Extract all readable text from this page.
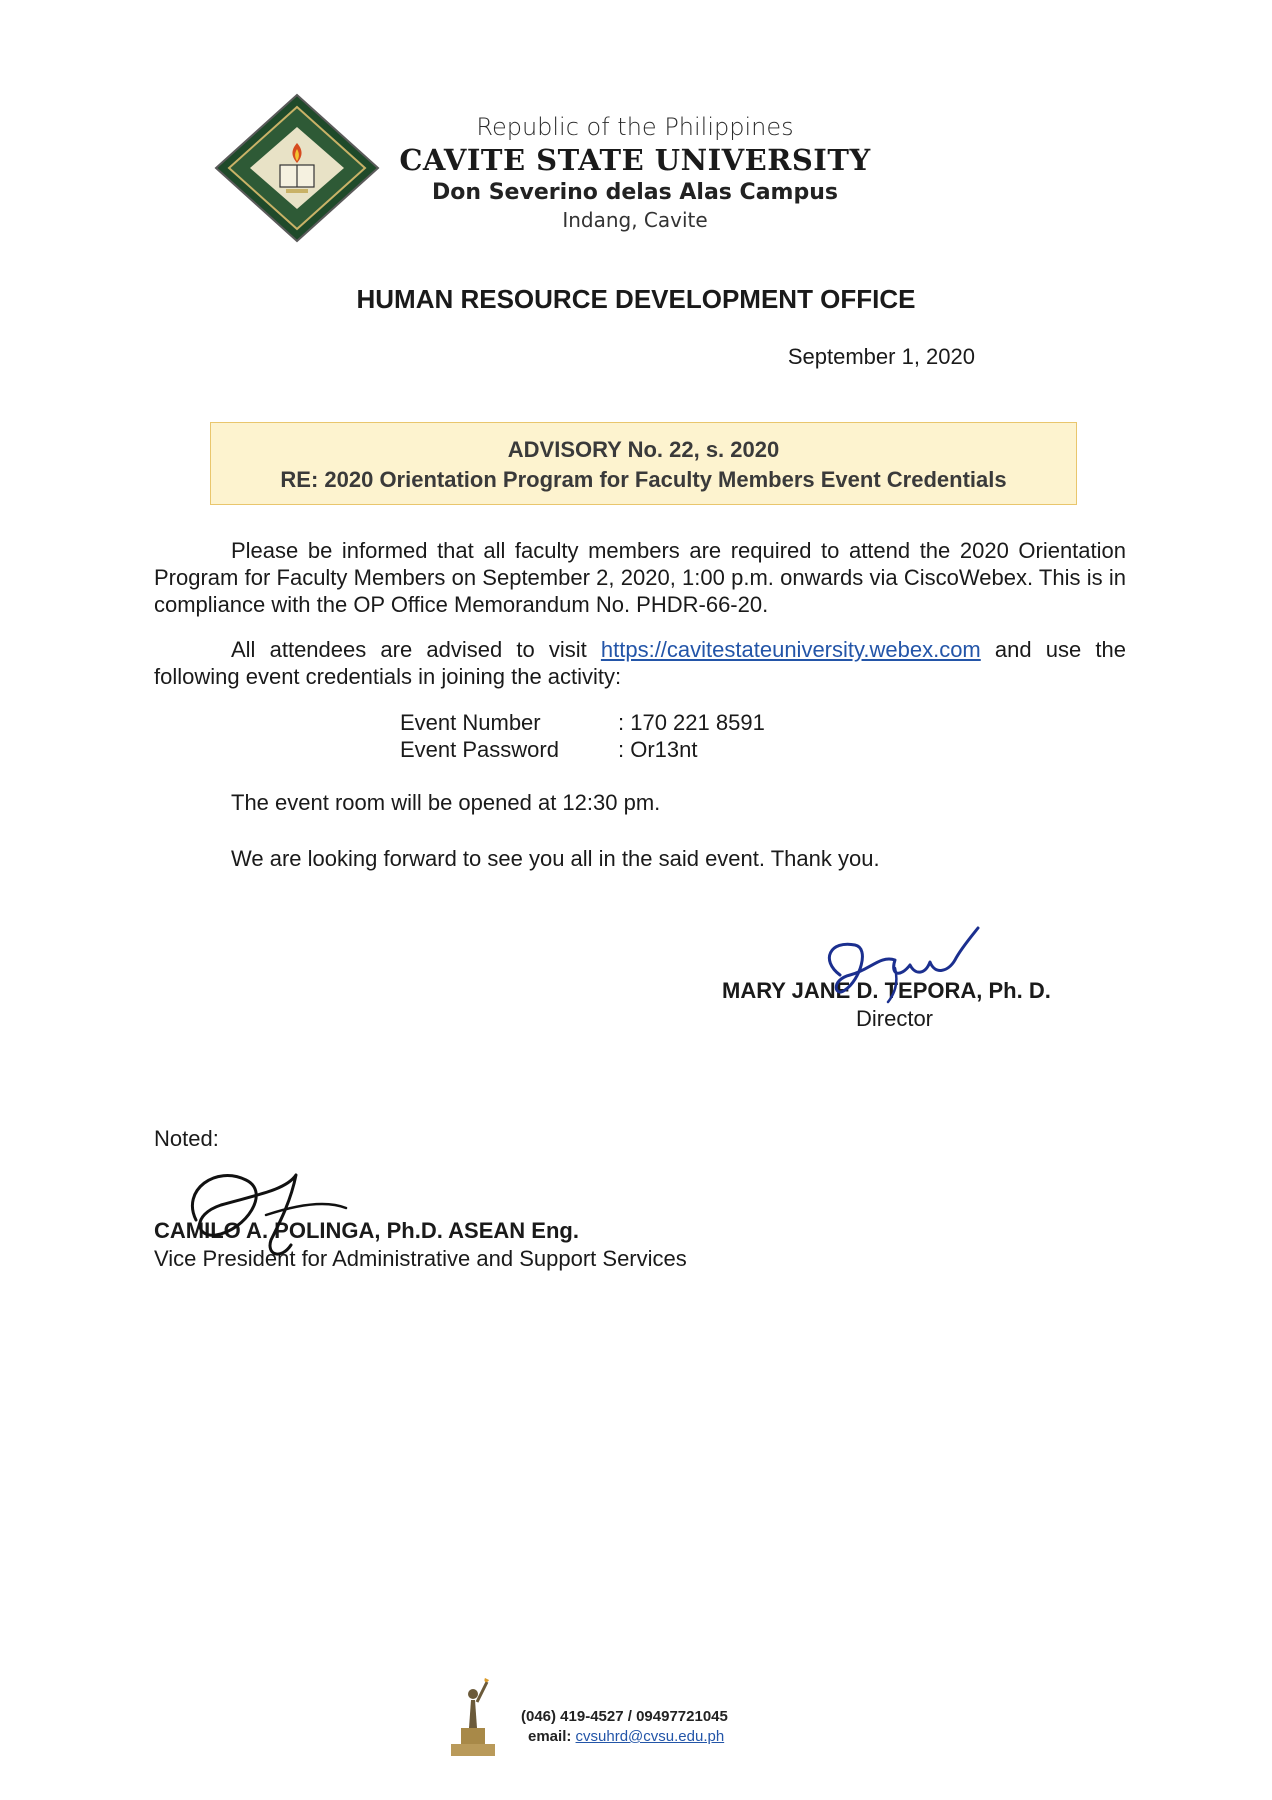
Republic of the Philippines
CAVITE STATE UNIVERSITY
Don Severino delas Alas Campus
Indang, Cavite
HUMAN RESOURCE DEVELOPMENT OFFICE
September 1, 2020
ADVISORY No. 22, s. 2020
RE: 2020 Orientation Program for Faculty Members Event Credentials
Please be informed that all faculty members are required to attend the 2020 Orientation Program for Faculty Members on September 2, 2020, 1:00 p.m. onwards via CiscoWebex. This is in compliance with the OP Office Memorandum No. PHDR-66-20.
All attendees are advised to visit https://cavitestateuniversity.webex.com and use the following event credentials in joining the activity:
Event Number	: 170 221 8591
Event Password	: Or13nt
The event room will be opened at 12:30 pm.
We are looking forward to see you all in the said event. Thank you.
MARY JANE D. TEPORA, Ph. D.
Director
Noted:
CAMILO A. POLINGA, Ph.D. ASEAN Eng.
Vice President for Administrative and Support Services
(046) 419-4527 / 09497721045
email: cvsuhrd@cvsu.edu.ph
